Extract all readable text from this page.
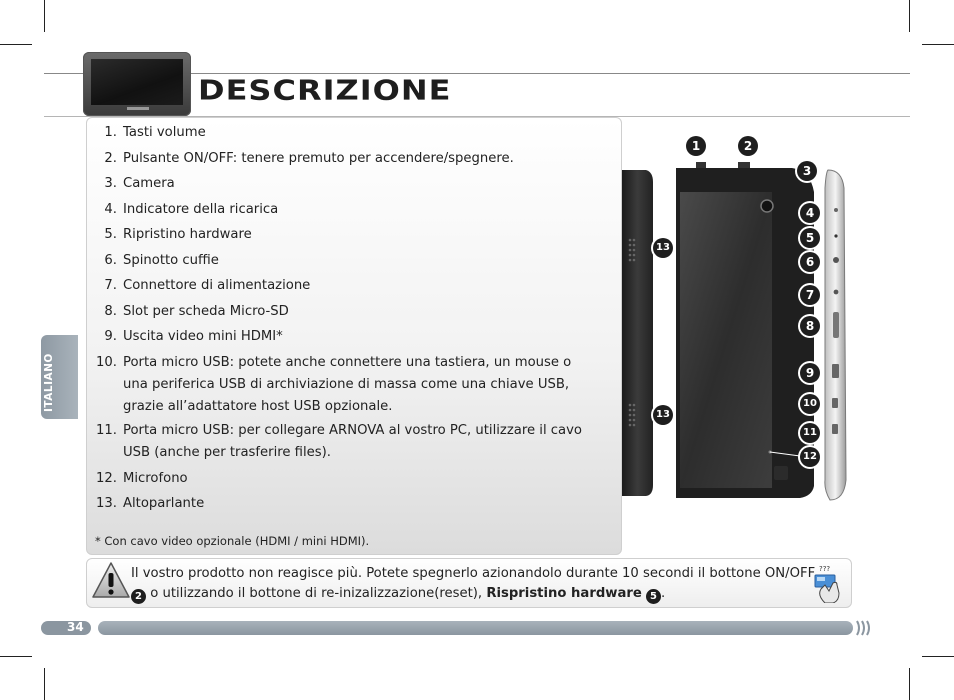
DESCRIZIONE
ITALIANO
1. Tasti volume
2. Pulsante ON/OFF: tenere premuto per accendere/spegnere.
3. Camera
4. Indicatore della ricarica
5. Ripristino hardware
6. Spinotto cuffie
7. Connettore di alimentazione
8. Slot per scheda Micro-SD
9. Uscita video mini HDMI*
10. Porta micro USB: potete anche connettere una tastiera, un mouse o una periferica USB di archiviazione di massa come una chiave USB, grazie all’adattatore host USB opzionale.
11. Porta micro USB: per collegare ARNOVA al vostro PC, utilizzare il cavo USB (anche per trasferire files).
12. Microfono
13. Altoparlante
* Con cavo video opzionale (HDMI / mini HDMI).
1	2
3
4
5
6
7
8
9
10
11
12
13
13
Il vostro prodotto non reagisce più. Potete spegnerlo azionandolo durante 10 secondi il bottone ON/OFF
2 o utilizzando il bottone di re-inizalizzazione(reset), Rispristino hardware 5 .
???
34
